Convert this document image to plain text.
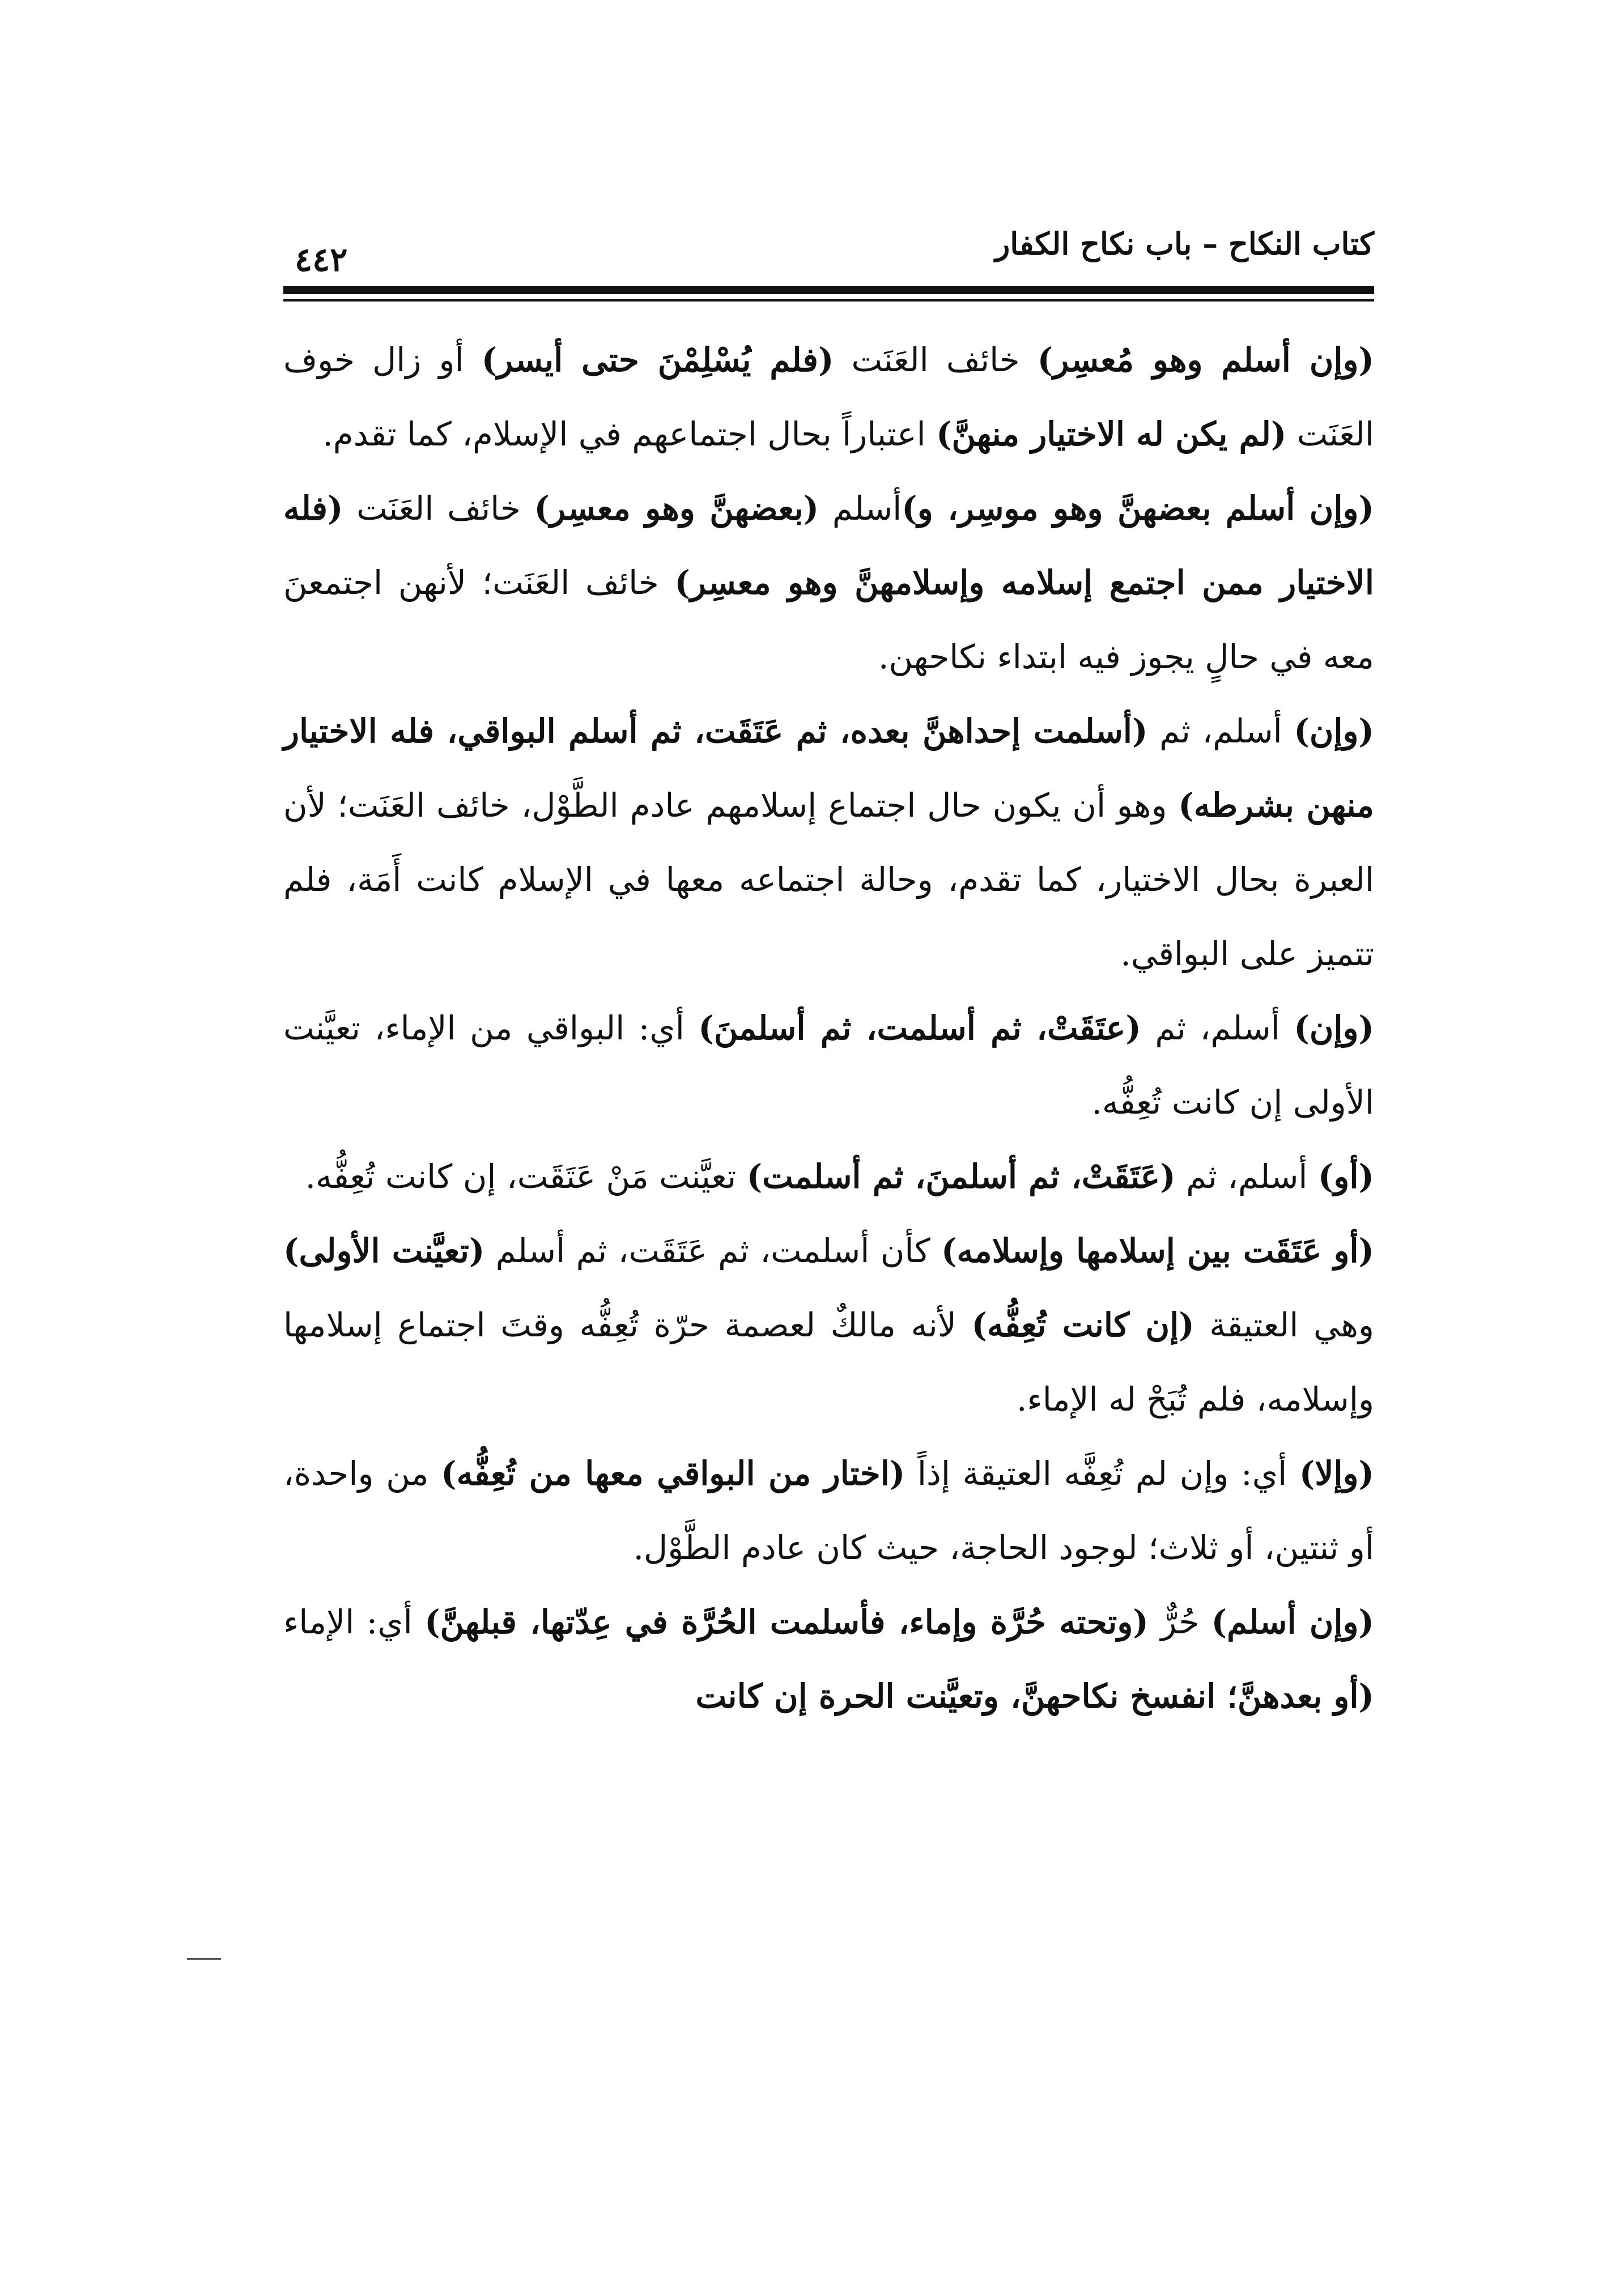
كتاب النكاح – باب نكاح الكفار
٤٤٢

(وإن أسلم وهو مُعسِر) خائف العَنَت (فلم يُسْلِمْنَ حتى أيسر) أو زال خوف العَنَت (لم يكن له الاختيار منهنَّ) اعتباراً بحال اجتماعهم في الإسلام، كما تقدم.

(وإن أسلم بعضهنَّ وهو موسِر، و)أسلم (بعضهنَّ وهو معسِر) خائف العَنَت (فله الاختيار ممن اجتمع إسلامه وإسلامهنَّ وهو معسِر) خائف العَنَت؛ لأنهن اجتمعنَ معه في حالٍ يجوز فيه ابتداء نكاحهن.

(وإن) أسلم، ثم (أسلمت إحداهنَّ بعده، ثم عَتَقَت، ثم أسلم البواقي، فله الاختيار منهن بشرطه) وهو أن يكون حال اجتماع إسلامهم عادم الطَّوْل، خائف العَنَت؛ لأن العبرة بحال الاختيار، كما تقدم، وحالة اجتماعه معها في الإسلام كانت أَمَة، فلم تتميز على البواقي.

(وإن) أسلم، ثم (عتَقَتْ، ثم أسلمت، ثم أسلمنَ) أي: البواقي من الإماء، تعيَّنت الأولى إن كانت تُعِفُّه.

(أو) أسلم، ثم (عَتَقَتْ، ثم أسلمنَ، ثم أسلمت) تعيَّنت مَنْ عَتَقَت، إن كانت تُعِفُّه.

(أو عَتَقَت بين إسلامها وإسلامه) كأن أسلمت، ثم عَتَقَت، ثم أسلم (تعيَّنت الأولى) وهي العتيقة (إن كانت تُعِفُّه) لأنه مالكٌ لعصمة حرّة تُعِفُّه وقتَ اجتماع إسلامها وإسلامه، فلم تُبَحْ له الإماء.

(وإلا) أي: وإن لم تُعِفَّه العتيقة إذاً (اختار من البواقي معها من تُعِفُّه) من واحدة، أو ثنتين، أو ثلاث؛ لوجود الحاجة، حيث كان عادم الطَّوْل.

(وإن أسلم) حُرٌّ (وتحته حُرَّة وإماء، فأسلمت الحُرَّة في عِدّتها، قبلهنَّ) أي: الإماء (أو بعدهنَّ؛ انفسخ نكاحهنَّ، وتعيَّنت الحرة إن كانت
